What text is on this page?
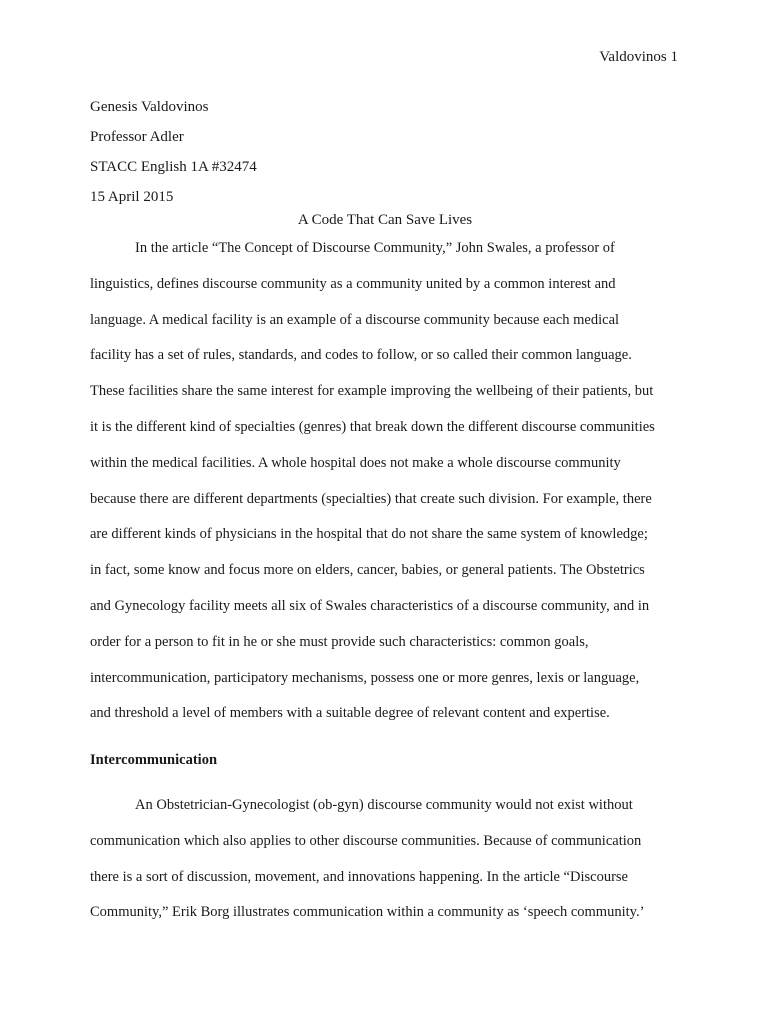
Valdovinos 1
Genesis Valdovinos
Professor Adler
STACC English 1A #32474
15 April 2015
A Code That Can Save Lives
In the article “The Concept of Discourse Community,” John Swales, a professor of
linguistics, defines discourse community as a community united by a common interest and
language. A medical facility is an example of a discourse community because each medical
facility has a set of rules, standards, and codes to follow, or so called their common language.
These facilities share the same interest for example improving the wellbeing of their patients, but
it is the different kind of specialties (genres) that break down the different discourse communities
within the medical facilities. A whole hospital does not make a whole discourse community
because there are different departments (specialties) that create such division. For example, there
are different kinds of physicians in the hospital that do not share the same system of knowledge;
in fact, some know and focus more on elders, cancer, babies, or general patients. The Obstetrics
and Gynecology facility meets all six of Swales characteristics of a discourse community, and in
order for a person to fit in he or she must provide such characteristics: common goals,
intercommunication, participatory mechanisms, possess one or more genres, lexis or language,
and threshold a level of members with a suitable degree of relevant content and expertise.
Intercommunication
An Obstetrician-Gynecologist (ob-gyn) discourse community would not exist without
communication which also applies to other discourse communities. Because of communication
there is a sort of discussion, movement, and innovations happening. In the article “Discourse
Community,” Erik Borg illustrates communication within a community as ‘speech community.’
